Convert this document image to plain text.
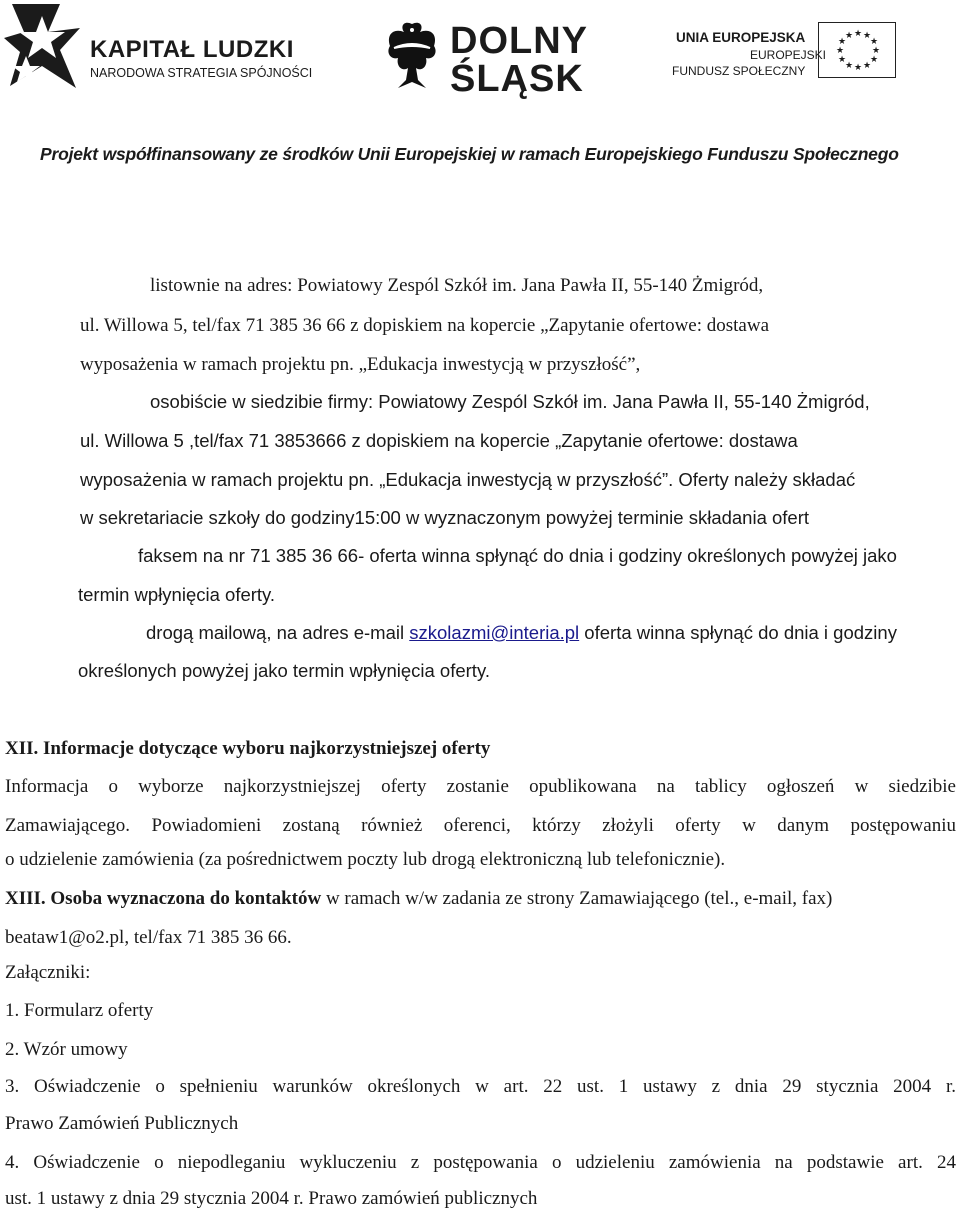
KAPITAŁ LUDZKI
NARODOWA STRATEGIA SPÓJNOŚCI
DOLNY
ŚLĄSK
UNIA EUROPEJSKA
EUROPEJSKI
FUNDUSZ SPOŁECZNY
★ ★
★
★
★
★
★
★
★
★
★
★
Projekt współfinansowany ze środków Unii Europejskiej w ramach Europejskiego Funduszu Społecznego
listownie na adres: Powiatowy Zespól Szkół im. Jana Pawła II, 55-140 Żmigród,
ul. Willowa 5, tel/fax 71 385 36 66 z dopiskiem na kopercie „Zapytanie ofertowe: dostawa
wyposażenia w ramach projektu pn. „Edukacja inwestycją w przyszłość”,
osobiście w siedzibie firmy: Powiatowy Zespól Szkół im. Jana Pawła II, 55-140 Żmigród,
ul. Willowa 5 ,tel/fax 71 3853666 z dopiskiem na kopercie „Zapytanie ofertowe: dostawa
wyposażenia w ramach projektu pn. „Edukacja inwestycją w przyszłość”. Oferty należy składać
w sekretariacie szkoły do godziny15:00 w wyznaczonym powyżej terminie składania ofert
faksem na nr 71 385 36 66- oferta winna spłynąć do dnia i godziny określonych powyżej jako
termin wpłynięcia oferty.
drogą mailową, na adres e-mail szkolazmi@interia.pl oferta winna spłynąć do dnia i godziny
określonych powyżej jako termin wpłynięcia oferty.
XII. Informacje dotyczące wyboru najkorzystniejszej oferty
Informacja o wyborze najkorzystniejszej oferty zostanie opublikowana na tablicy ogłoszeń w siedzibie
Zamawiającego. Powiadomieni zostaną również oferenci, którzy złożyli oferty w danym postępowaniu
o udzielenie zamówienia (za pośrednictwem poczty lub drogą elektroniczną lub telefonicznie).
XIII. Osoba wyznaczona do kontaktów w ramach w/w zadania ze strony Zamawiającego (tel., e-mail, fax)
beataw1@o2.pl, tel/fax 71 385 36 66.
Załączniki:
1. Formularz oferty
2. Wzór umowy
3. Oświadczenie o spełnieniu warunków określonych w art. 22 ust. 1 ustawy z dnia 29 stycznia 2004 r.
Prawo Zamówień Publicznych
4. Oświadczenie o niepodleganiu wykluczeniu z postępowania o udzieleniu zamówienia na podstawie art. 24
ust. 1 ustawy z dnia 29 stycznia 2004 r. Prawo zamówień publicznych
